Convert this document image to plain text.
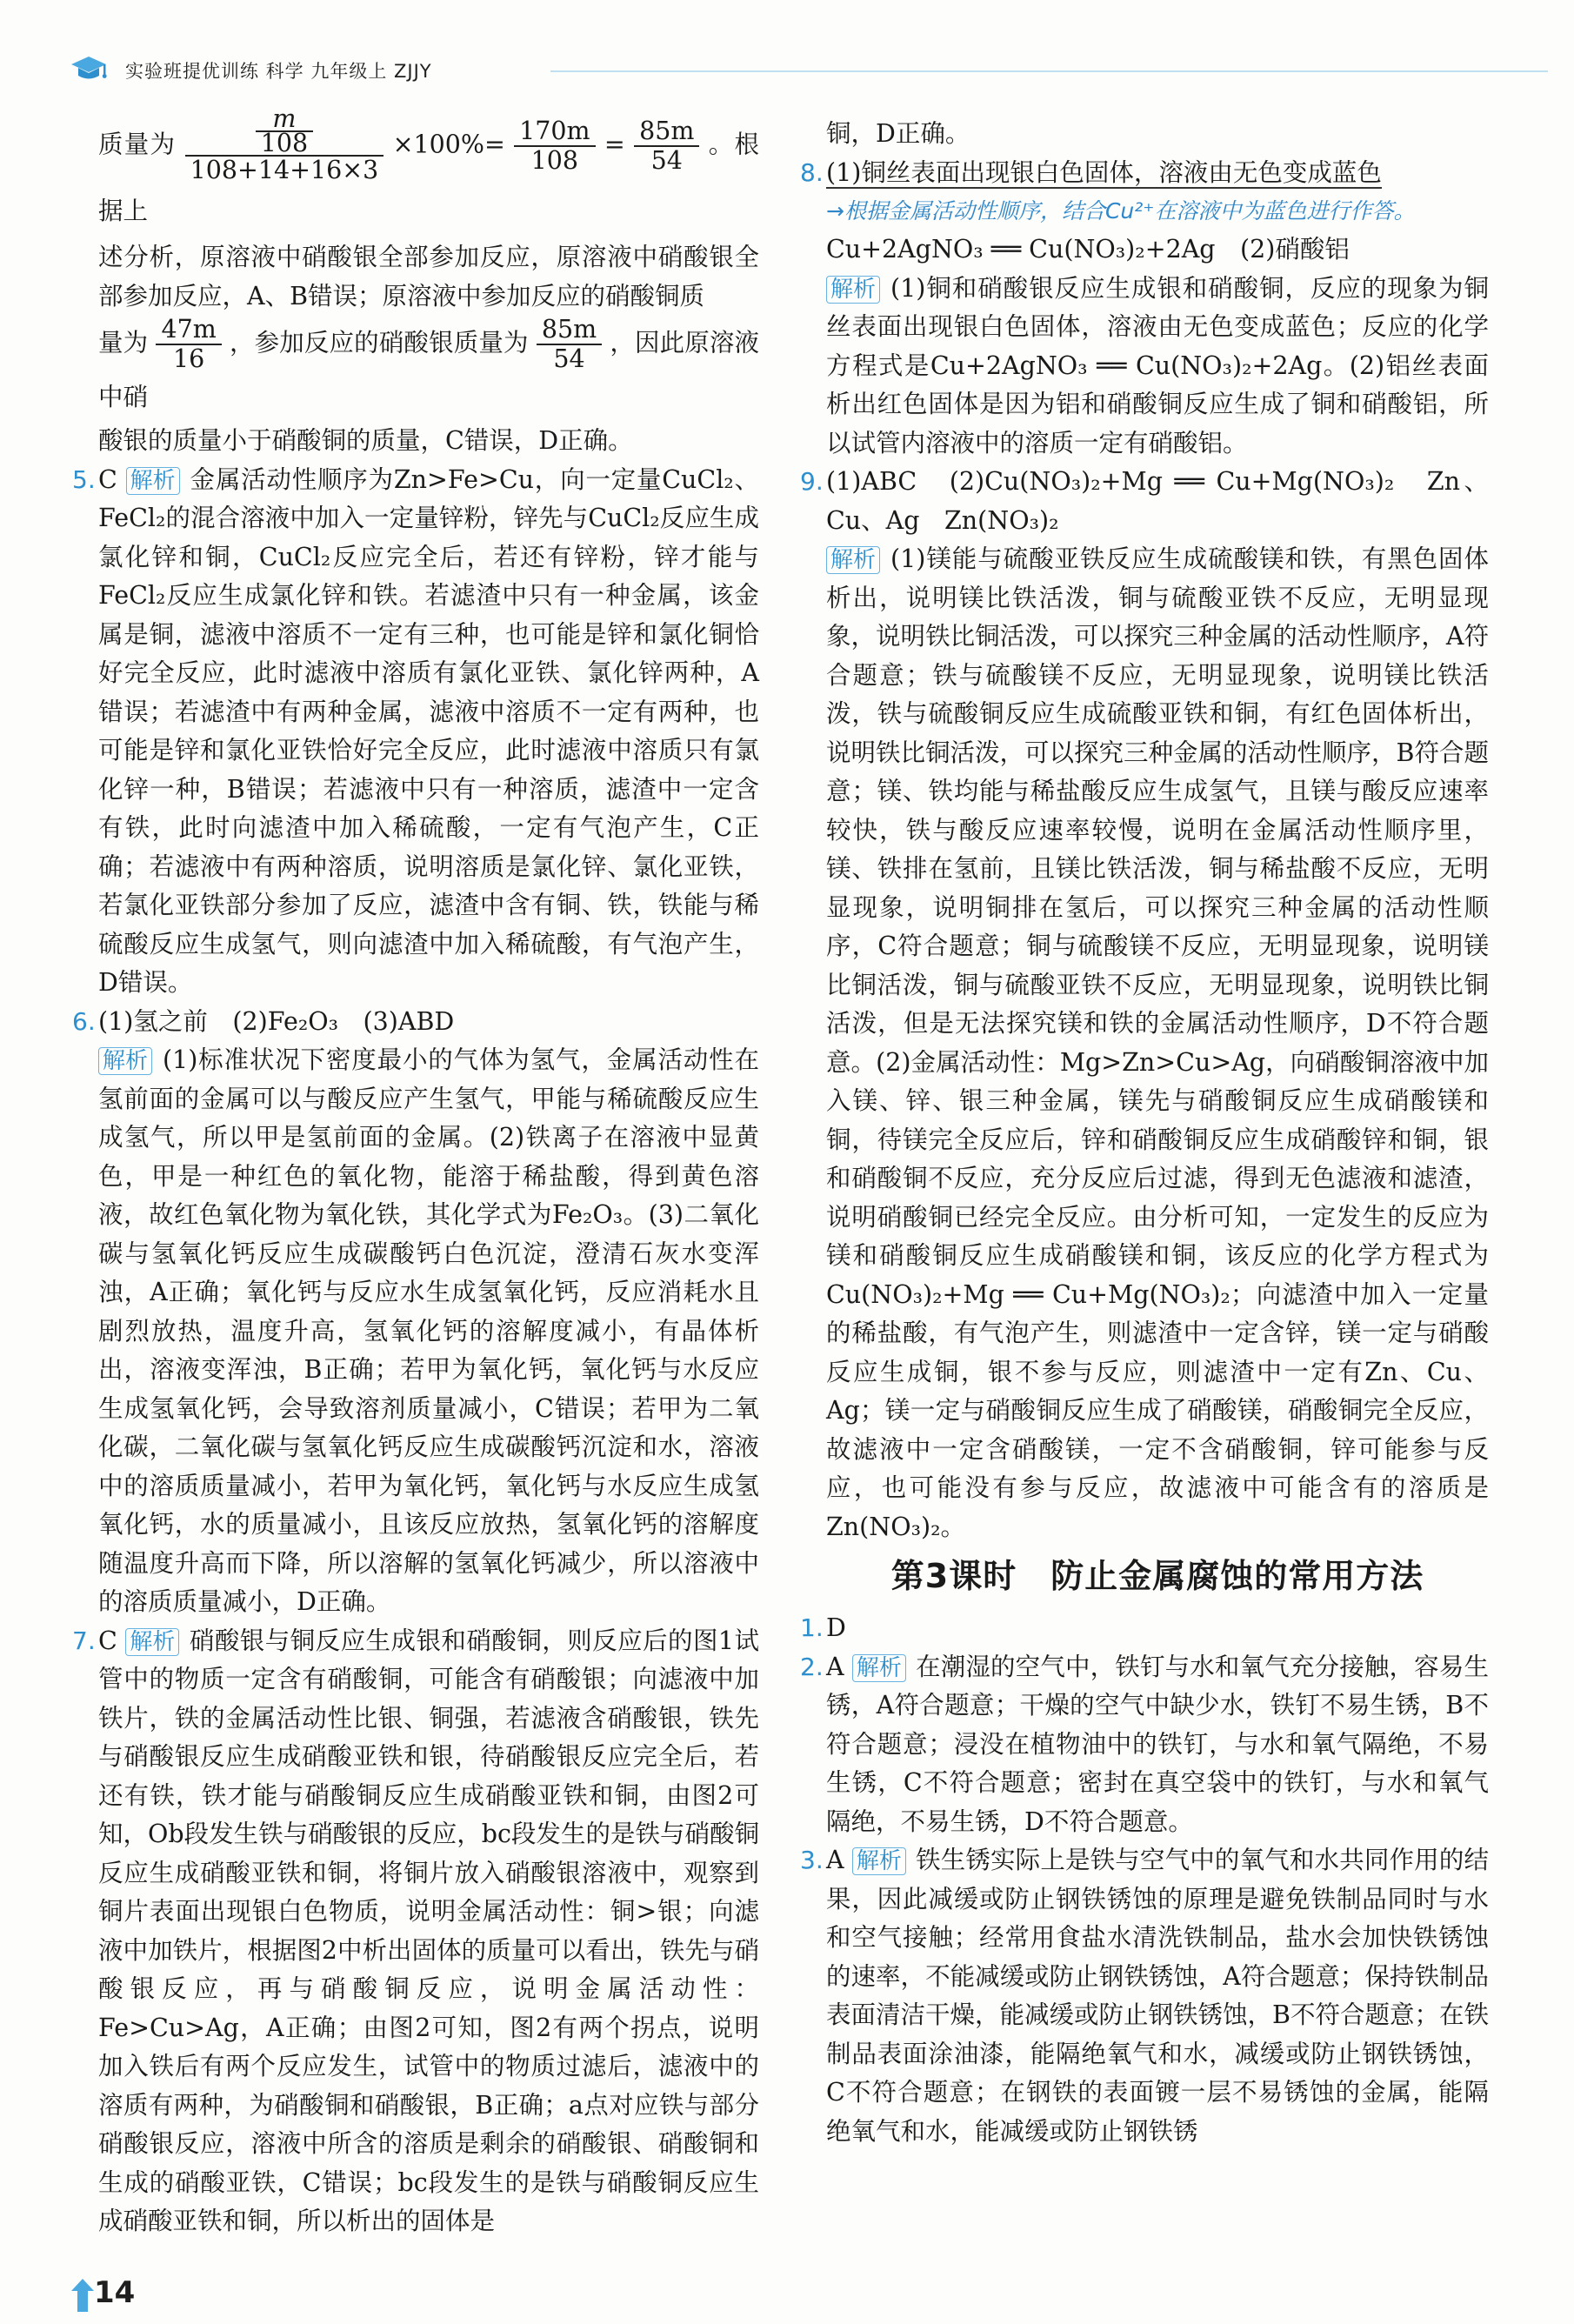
实验班提优训练 科学 九年级上 ZJJY

质量为 $\frac{\frac{m}{108}}{108+14+16\times 3} \times 100\%= \frac{170m}{108} = \frac{85m}{54}$ 。根据上

述分析，原溶液中硝酸银全部参加反应，原溶液中硝酸银全部参加反应，A、B错误；原溶液中参加反应的硝酸铜质

量为 $\frac{47m}{16}$ ，参加反应的硝酸银质量为 $\frac{85m}{54}$ ，因此原溶液中硝

酸银的质量小于硝酸铜的质量，C错误，D正确。

5. C 解析 金属活动性顺序为Zn>Fe>Cu，向一定量CuCl₂、FeCl₂的混合溶液中加入一定量锌粉，锌先与CuCl₂反应生成氯化锌和铜，CuCl₂反应完全后，若还有锌粉，锌才能与FeCl₂反应生成氯化锌和铁。若滤渣中只有一种金属，该金属是铜，滤液中溶质不一定有三种，也可能是锌和氯化铜恰好完全反应，此时滤液中溶质有氯化亚铁、氯化锌两种，A错误；若滤渣中有两种金属，滤液中溶质不一定有两种，也可能是锌和氯化亚铁恰好完全反应，此时滤液中溶质只有氯化锌一种，B错误；若滤液中只有一种溶质，滤渣中一定含有铁，此时向滤渣中加入稀硫酸，一定有气泡产生，C正确；若滤液中有两种溶质，说明溶质是氯化锌、氯化亚铁，若氯化亚铁部分参加了反应，滤渣中含有铜、铁，铁能与稀硫酸反应生成氢气，则向滤渣中加入稀硫酸，有气泡产生，D错误。

6. (1)氢之前　(2)Fe₂O₃　(3)ABD

解析 (1)标准状况下密度最小的气体为氢气，金属活动性在氢前面的金属可以与酸反应产生氢气，甲能与稀硫酸反应生成氢气，所以甲是氢前面的金属。(2)铁离子在溶液中显黄色，甲是一种红色的氧化物，能溶于稀盐酸，得到黄色溶液，故红色氧化物为氧化铁，其化学式为Fe₂O₃。(3)二氧化碳与氢氧化钙反应生成碳酸钙白色沉淀，澄清石灰水变浑浊，A正确；氧化钙与反应水生成氢氧化钙，反应消耗水且剧烈放热，温度升高，氢氧化钙的溶解度减小，有晶体析出，溶液变浑浊，B正确；若甲为氧化钙，氧化钙与水反应生成氢氧化钙，会导致溶剂质量减小，C错误；若甲为二氧化碳，二氧化碳与氢氧化钙反应生成碳酸钙沉淀和水，溶液中的溶质质量减小，若甲为氧化钙，氧化钙与水反应生成氢氧化钙，水的质量减小，且该反应放热，氢氧化钙的溶解度随温度升高而下降，所以溶解的氢氧化钙减少，所以溶液中的溶质质量减小，D正确。

7. C 解析 硝酸银与铜反应生成银和硝酸铜，则反应后的图1试管中的物质一定含有硝酸铜，可能含有硝酸银；向滤液中加铁片，铁的金属活动性比银、铜强，若滤液含硝酸银，铁先与硝酸银反应生成硝酸亚铁和银，待硝酸银反应完全后，若还有铁，铁才能与硝酸铜反应生成硝酸亚铁和铜，由图2可知，Ob段发生铁与硝酸银的反应，bc段发生的是铁与硝酸铜反应生成硝酸亚铁和铜，将铜片放入硝酸银溶液中，观察到铜片表面出现银白色物质，说明金属活动性：铜>银；向滤液中加铁片，根据图2中析出固体的质量可以看出，铁先与硝酸银反应，再与硝酸铜反应，说明金属活动性：Fe>Cu>Ag，A正确；由图2可知，图2有两个拐点，说明加入铁后有两个反应发生，试管中的物质过滤后，滤液中的溶质有两种，为硝酸铜和硝酸银，B正确；a点对应铁与部分硝酸银反应，溶液中所含的溶质是剩余的硝酸银、硝酸铜和生成的硝酸亚铁，C错误；bc段发生的是铁与硝酸铜反应生成硝酸亚铁和铜，所以析出的固体是

铜，D正确。

8. (1)铜丝表面出现银白色固体，溶液由无色变成蓝色

→根据金属活动性顺序，结合Cu²⁺在溶液中为蓝色进行作答。

Cu+2AgNO₃ ══ Cu(NO₃)₂+2Ag　(2)硝酸铝

解析 (1)铜和硝酸银反应生成银和硝酸铜，反应的现象为铜丝表面出现银白色固体，溶液由无色变成蓝色；反应的化学方程式是Cu+2AgNO₃ ══ Cu(NO₃)₂+2Ag。(2)铝丝表面析出红色固体是因为铝和硝酸铜反应生成了铜和硝酸铝，所以试管内溶液中的溶质一定有硝酸铝。

9. (1)ABC　(2)Cu(NO₃)₂+Mg ══ Cu+Mg(NO₃)₂　Zn、Cu、Ag　Zn(NO₃)₂

解析 (1)镁能与硫酸亚铁反应生成硫酸镁和铁，有黑色固体析出，说明镁比铁活泼，铜与硫酸亚铁不反应，无明显现象，说明铁比铜活泼，可以探究三种金属的活动性顺序，A符合题意；铁与硫酸镁不反应，无明显现象，说明镁比铁活泼，铁与硫酸铜反应生成硫酸亚铁和铜，有红色固体析出，说明铁比铜活泼，可以探究三种金属的活动性顺序，B符合题意；镁、铁均能与稀盐酸反应生成氢气，且镁与酸反应速率较快，铁与酸反应速率较慢，说明在金属活动性顺序里，镁、铁排在氢前，且镁比铁活泼，铜与稀盐酸不反应，无明显现象，说明铜排在氢后，可以探究三种金属的活动性顺序，C符合题意；铜与硫酸镁不反应，无明显现象，说明镁比铜活泼，铜与硫酸亚铁不反应，无明显现象，说明铁比铜活泼，但是无法探究镁和铁的金属活动性顺序，D不符合题意。(2)金属活动性：Mg>Zn>Cu>Ag，向硝酸铜溶液中加入镁、锌、银三种金属，镁先与硝酸铜反应生成硝酸镁和铜，待镁完全反应后，锌和硝酸铜反应生成硝酸锌和铜，银和硝酸铜不反应，充分反应后过滤，得到无色滤液和滤渣，说明硝酸铜已经完全反应。由分析可知，一定发生的反应为镁和硝酸铜反应生成硝酸镁和铜，该反应的化学方程式为Cu(NO₃)₂+Mg ══ Cu+Mg(NO₃)₂；向滤渣中加入一定量的稀盐酸，有气泡产生，则滤渣中一定含锌，镁一定与硝酸反应生成铜，银不参与反应，则滤渣中一定有Zn、Cu、Ag；镁一定与硝酸铜反应生成了硝酸镁，硝酸铜完全反应，故滤液中一定含硝酸镁，一定不含硝酸铜，锌可能参与反应，也可能没有参与反应，故滤液中可能含有的溶质是Zn(NO₃)₂。

第3课时　防止金属腐蚀的常用方法

1. D

2. A 解析 在潮湿的空气中，铁钉与水和氧气充分接触，容易生锈，A符合题意；干燥的空气中缺少水，铁钉不易生锈，B不符合题意；浸没在植物油中的铁钉，与水和氧气隔绝，不易生锈，C不符合题意；密封在真空袋中的铁钉，与水和氧气隔绝，不易生锈，D不符合题意。

3. A 解析 铁生锈实际上是铁与空气中的氧气和水共同作用的结果，因此减缓或防止钢铁锈蚀的原理是避免铁制品同时与水和空气接触；经常用食盐水清洗铁制品，盐水会加快铁锈蚀的速率，不能减缓或防止钢铁锈蚀，A符合题意；保持铁制品表面清洁干燥，能减缓或防止钢铁锈蚀，B不符合题意；在铁制品表面涂油漆，能隔绝氧气和水，减缓或防止钢铁锈蚀，C不符合题意；在钢铁的表面镀一层不易锈蚀的金属，能隔绝氧气和水，能减缓或防止钢铁锈

14
